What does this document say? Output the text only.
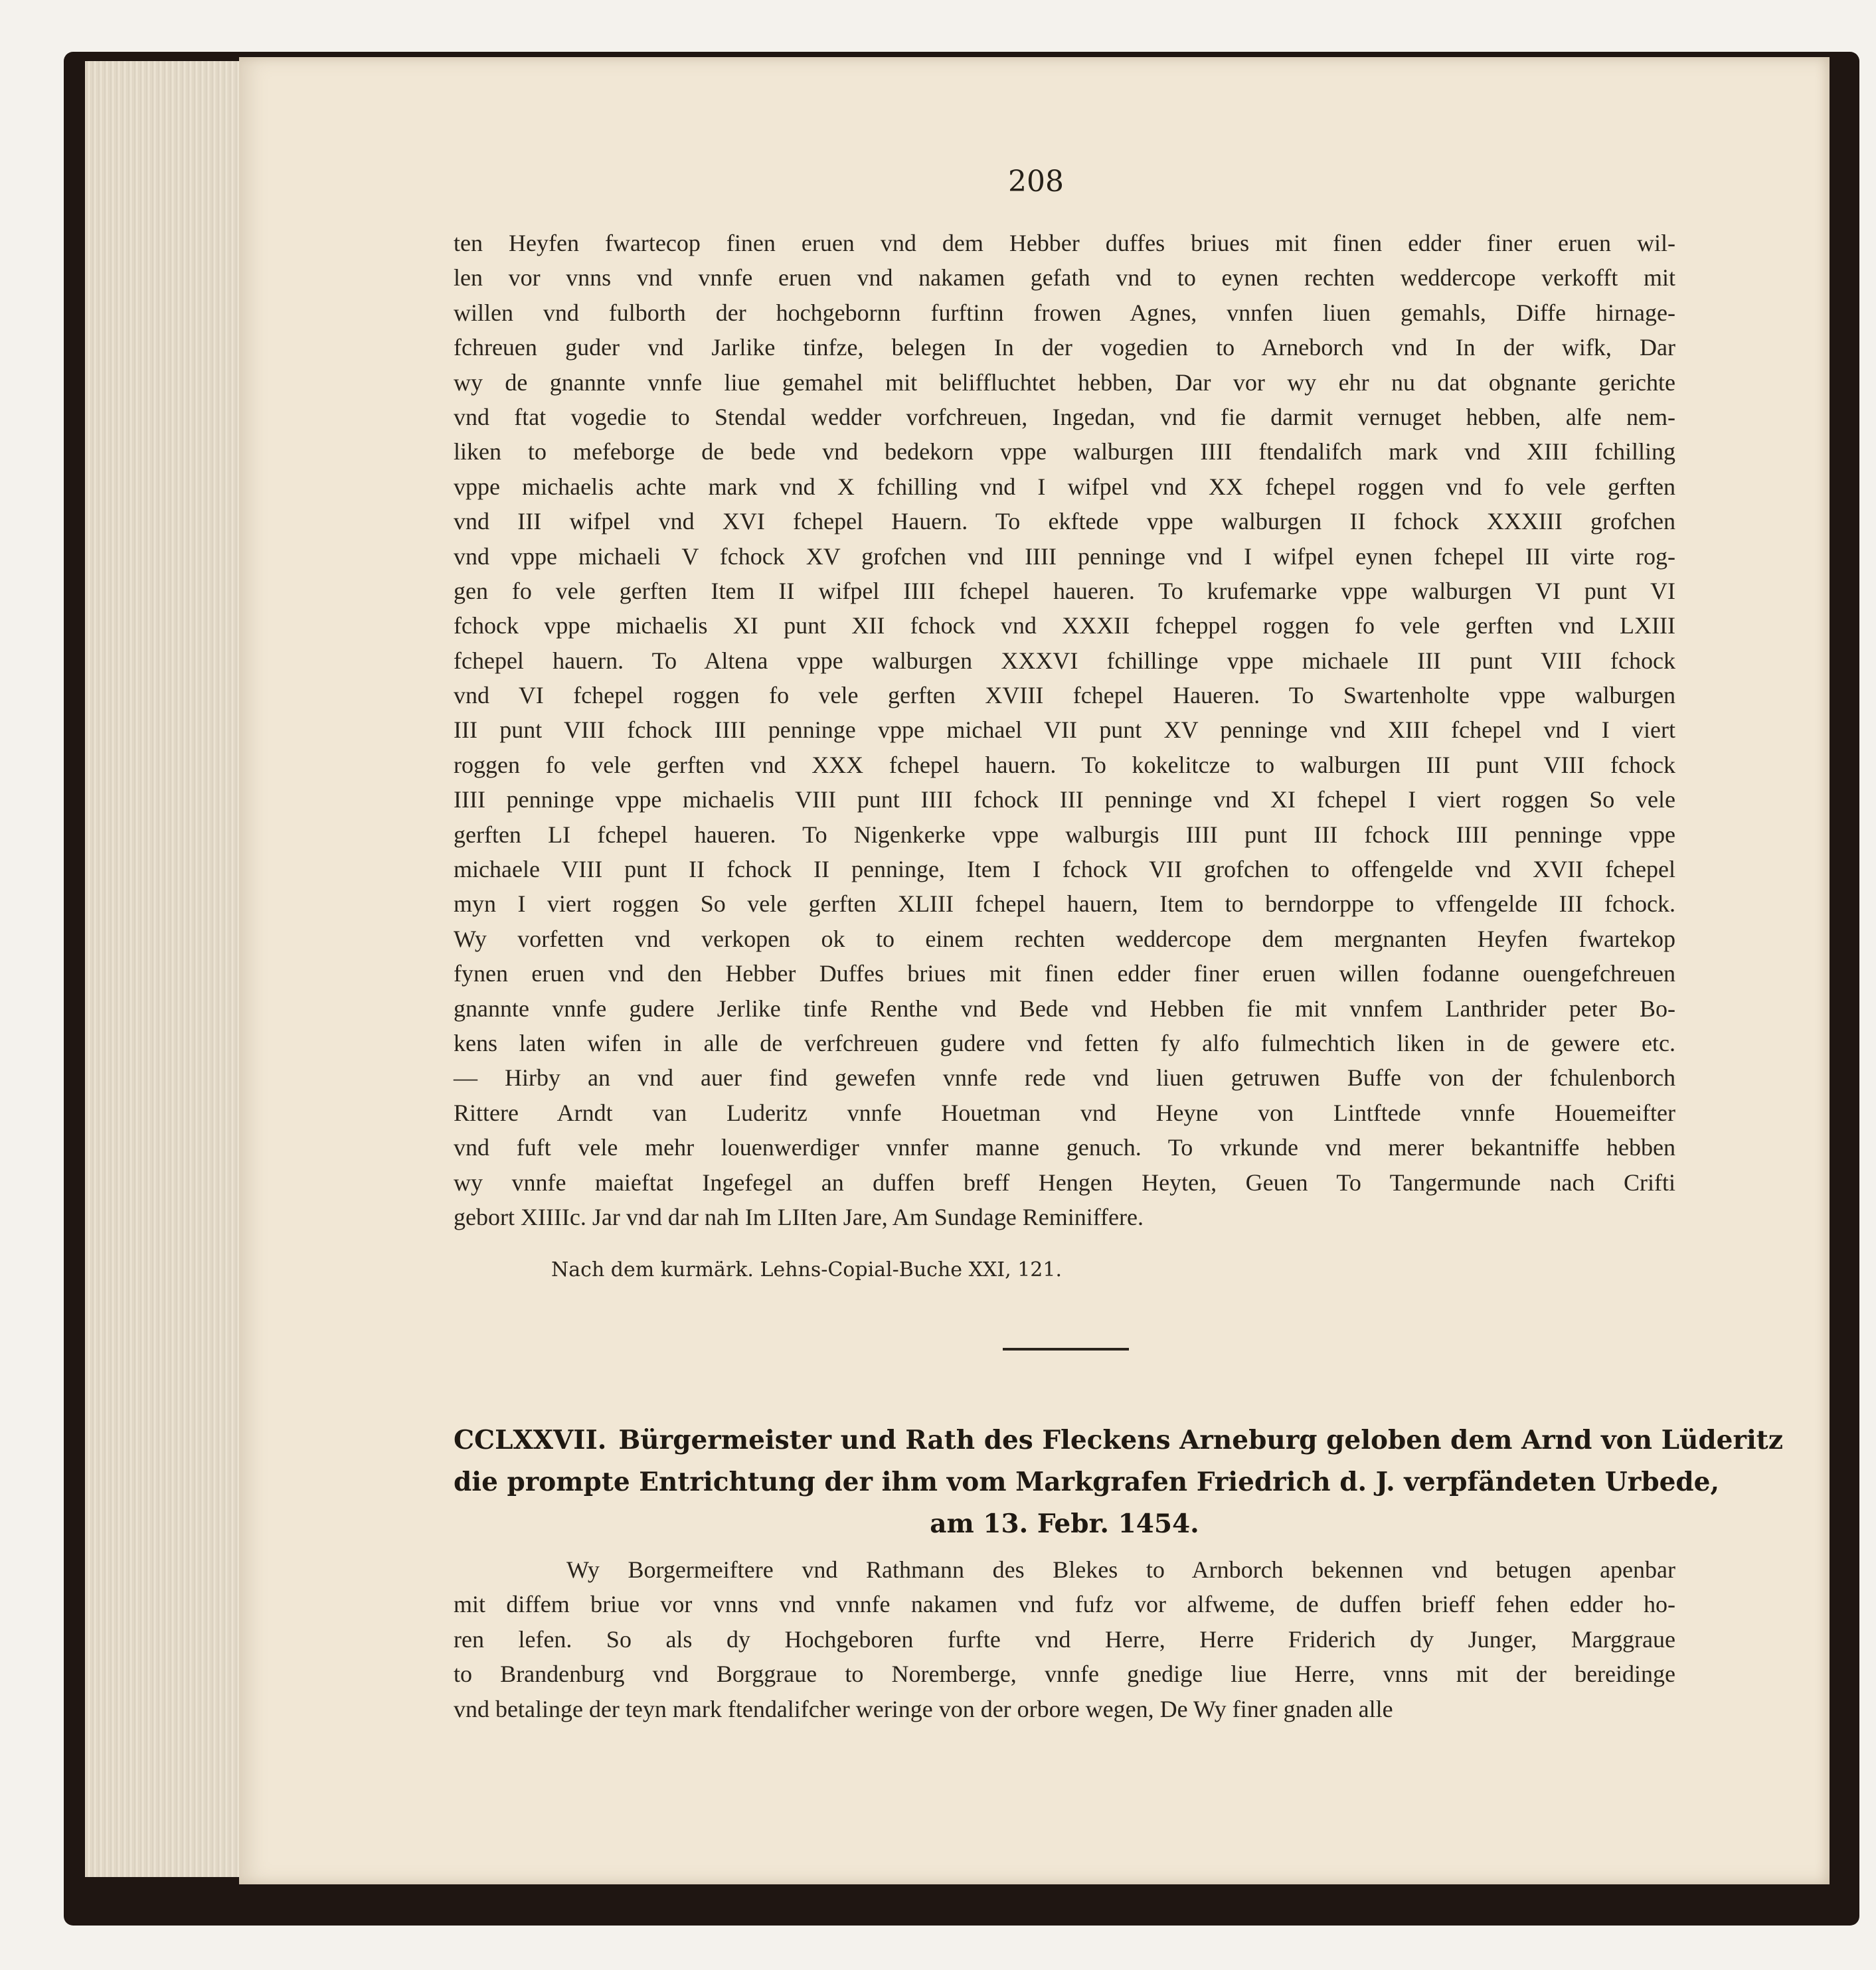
208
ten Heyfen fwartecop finen eruen vnd dem Hebber duffes briues mit finen edder finer eruen wil-
len vor vnns vnd vnnfe eruen vnd nakamen gefath vnd to eynen rechten weddercope verkofft mit
willen vnd fulborth der hochgebornn furftinn frowen Agnes, vnnfen liuen gemahls, Diffe hirnage-
fchreuen guder vnd Jarlike tinfze, belegen In der vogedien to Arneborch vnd In der wifk, Dar
wy de gnannte vnnfe liue gemahel mit beliffluchtet hebben, Dar vor wy ehr nu dat obgnante gerichte
vnd ftat vogedie to Stendal wedder vorfchreuen, Ingedan, vnd fie darmit vernuget hebben, alfe nem-
liken to mefeborge de bede vnd bedekorn vppe walburgen IIII ftendalifch mark vnd XIII fchilling
vppe michaelis achte mark vnd X fchilling vnd I wifpel vnd XX fchepel roggen vnd fo vele gerften
vnd III wifpel vnd XVI fchepel Hauern. To ekftede vppe walburgen II fchock XXXIII grofchen
vnd vppe michaeli V fchock XV grofchen vnd IIII penninge vnd I wifpel eynen fchepel III virte rog-
gen fo vele gerften Item II wifpel IIII fchepel haueren. To krufemarke vppe walburgen VI punt VI
fchock vppe michaelis XI punt XII fchock vnd XXXII fcheppel roggen fo vele gerften vnd LXIII
fchepel hauern. To Altena vppe walburgen XXXVI fchillinge vppe michaele III punt VIII fchock
vnd VI fchepel roggen fo vele gerften XVIII fchepel Haueren. To Swartenholte vppe walburgen
III punt VIII fchock IIII penninge vppe michael VII punt XV penninge vnd XIII fchepel vnd I viert
roggen fo vele gerften vnd XXX fchepel hauern. To kokelitcze to walburgen III punt VIII fchock
IIII penninge vppe michaelis VIII punt IIII fchock III penninge vnd XI fchepel I viert roggen So vele
gerften LI fchepel haueren. To Nigenkerke vppe walburgis IIII punt III fchock IIII penninge vppe
michaele VIII punt II fchock II penninge, Item I fchock VII grofchen to offengelde vnd XVII fchepel
myn I viert roggen So vele gerften XLIII fchepel hauern, Item to berndorppe to vffengelde III fchock.
Wy vorfetten vnd verkopen ok to einem rechten weddercope dem mergnanten Heyfen fwartekop
fynen eruen vnd den Hebber Duffes briues mit finen edder finer eruen willen fodanne ouengefchreuen
gnannte vnnfe gudere Jerlike tinfe Renthe vnd Bede vnd Hebben fie mit vnnfem Lanthrider peter Bo-
kens laten wifen in alle de verfchreuen gudere vnd fetten fy alfo fulmechtich liken in de gewere etc.
— Hirby an vnd auer find gewefen vnnfe rede vnd liuen getruwen Buffe von der fchulenborch
Rittere Arndt van Luderitz vnnfe Houetman vnd Heyne von Lintftede vnnfe Houemeifter
vnd fuft vele mehr louenwerdiger vnnfer manne genuch. To vrkunde vnd merer bekantniffe hebben
wy vnnfe maieftat Ingefegel an duffen breff Hengen Heyten, Geuen To Tangermunde nach Crifti
gebort XIIIIc. Jar vnd dar nah Im LIIten Jare, Am Sundage Reminiffere.
Nach dem kurmärk. Lehns-Copial-Buche XXI, 121.
CCLXXVII. Bürgermeister und Rath des Fleckens Arneburg geloben dem Arnd von Lüderitz
die prompte Entrichtung der ihm vom Markgrafen Friedrich d. J. verpfändeten Urbede,
am 13. Febr. 1454.
Wy Borgermeiftere vnd Rathmann des Blekes to Arnborch bekennen vnd betugen apenbar
mit diffem briue vor vnns vnd vnnfe nakamen vnd fufz vor alfweme, de duffen brieff fehen edder ho-
ren lefen. So als dy Hochgeboren furfte vnd Herre, Herre Friderich dy Junger, Marggraue
to Brandenburg vnd Borggraue to Noremberge, vnnfe gnedige liue Herre, vnns mit der bereidinge
vnd betalinge der teyn mark ftendalifcher weringe von der orbore wegen, De Wy finer gnaden alle
